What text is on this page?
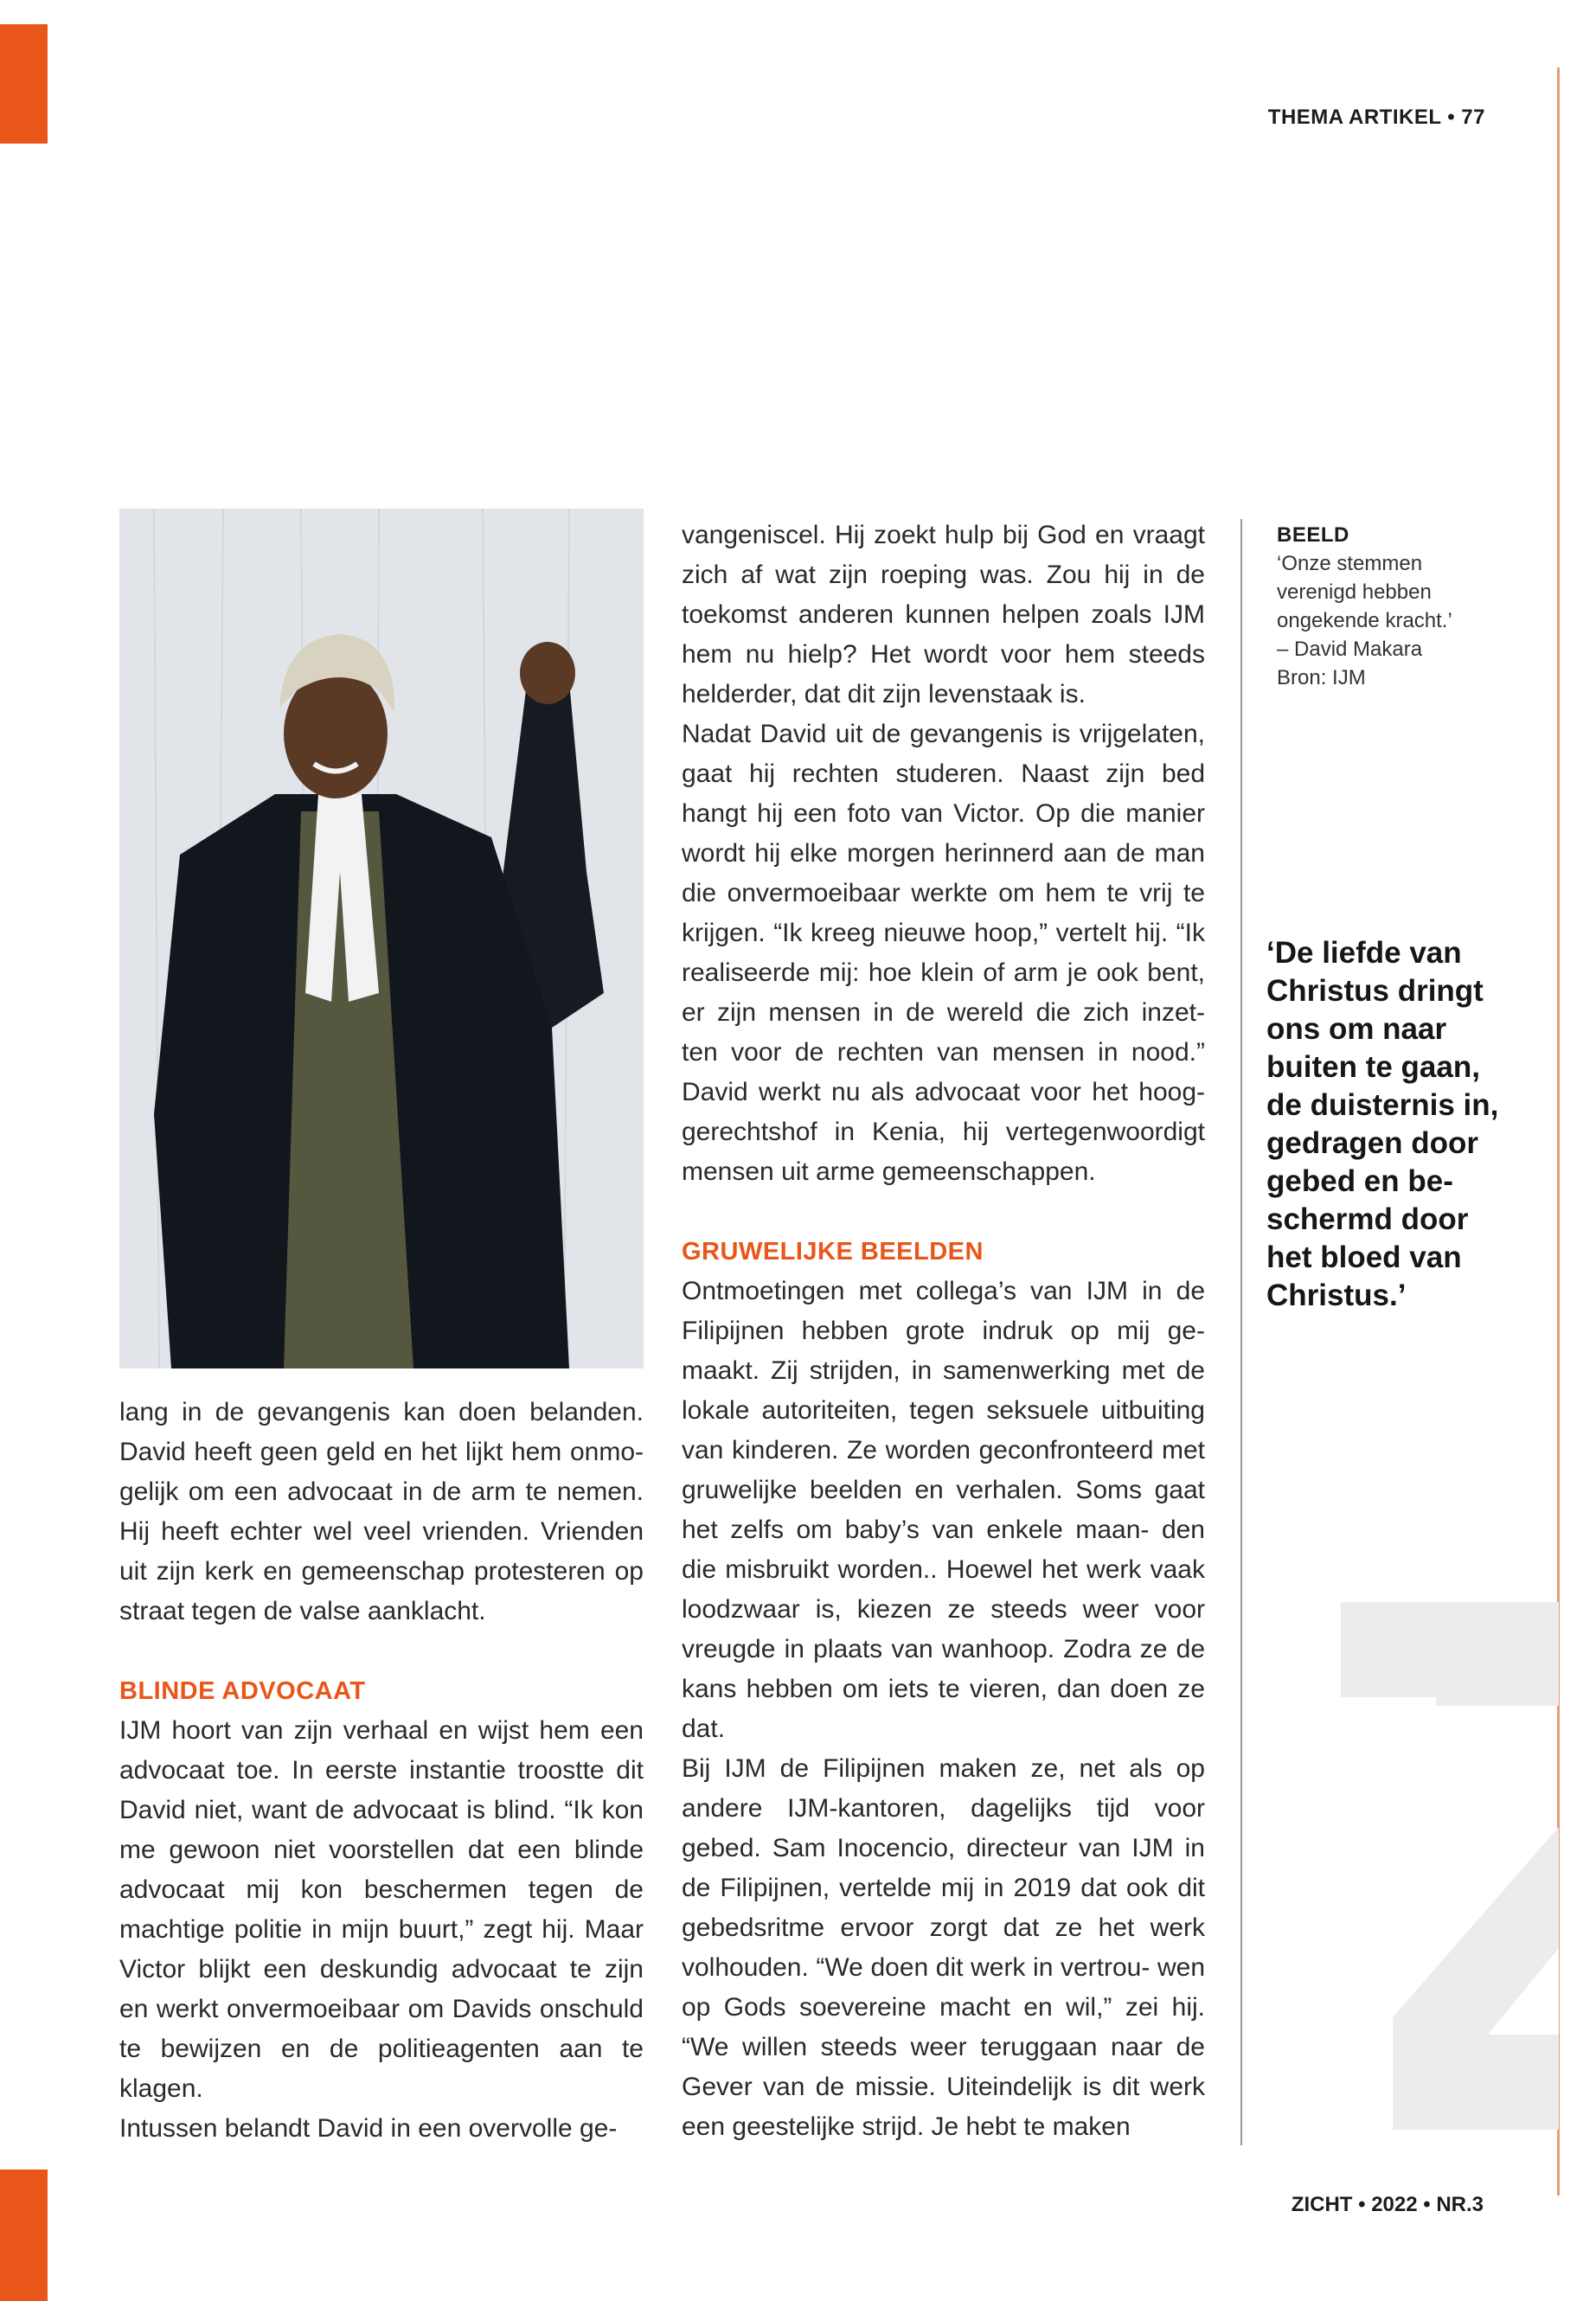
THEMA ARTIKEL • 77

lang in de gevangenis kan doen belanden. David heeft geen geld en het lijkt hem onmo- gelijk om een advocaat in de arm te nemen. Hij heeft echter wel veel vrienden. Vrienden uit zijn kerk en gemeenschap protesteren op straat tegen de valse aanklacht.

BLINDE ADVOCAAT

IJM hoort van zijn verhaal en wijst hem een advocaat toe. In eerste instantie troostte dit David niet, want de advocaat is blind. “Ik kon me gewoon niet voorstellen dat een blinde advocaat mij kon beschermen tegen de machtige politie in mijn buurt,” zegt hij. Maar Victor blijkt een deskundig advocaat te zijn en werkt onvermoeibaar om Davids onschuld te bewijzen en de politieagenten aan te klagen.

Intussen belandt David in een overvolle ge-

vangeniscel. Hij zoekt hulp bij God en vraagt zich af wat zijn roeping was. Zou hij in de toekomst anderen kunnen helpen zoals IJM hem nu hielp? Het wordt voor hem steeds helderder, dat dit zijn levenstaak is.

Nadat David uit de gevangenis is vrijgelaten, gaat hij rechten studeren. Naast zijn bed hangt hij een foto van Victor. Op die manier wordt hij elke morgen herinnerd aan de man die onvermoeibaar werkte om hem te vrij te krijgen. “Ik kreeg nieuwe hoop,” vertelt hij. “Ik realiseerde mij: hoe klein of arm je ook bent, er zijn mensen in de wereld die zich inzet- ten voor de rechten van mensen in nood.” David werkt nu als advocaat voor het hoog- gerechtshof in Kenia, hij vertegenwoordigt mensen uit arme gemeenschappen.

GRUWELIJKE BEELDEN

Ontmoetingen met collega’s van IJM in de Filipijnen hebben grote indruk op mij ge- maakt. Zij strijden, in samenwerking met de lokale autoriteiten, tegen seksuele uitbuiting van kinderen. Ze worden geconfronteerd met gruwelijke beelden en verhalen. Soms gaat het zelfs om baby’s van enkele maan- den die misbruikt worden.. Hoewel het werk vaak loodzwaar is, kiezen ze steeds weer voor vreugde in plaats van wanhoop. Zodra ze de kans hebben om iets te vieren, dan doen ze dat.

Bij IJM de Filipijnen maken ze, net als op andere IJM-kantoren, dagelijks tijd voor gebed. Sam Inocencio, directeur van IJM in de Filipijnen, vertelde mij in 2019 dat ook dit gebedsritme ervoor zorgt dat ze het werk volhouden. “We doen dit werk in vertrou- wen op Gods soevereine macht en wil,” zei hij. “We willen steeds weer teruggaan naar de Gever van de missie. Uiteindelijk is dit werk een geestelijke strijd. Je hebt te maken

BEELD
‘Onze stemmen
verenigd hebben
ongekende kracht.’
– David Makara
Bron: IJM
‘De liefde van
Christus dringt
ons om naar
buiten te gaan,
de duisternis in,
gedragen door
gebed en be-
schermd door
het bloed van
Christus.’
ZICHT • 2022 • NR.3
